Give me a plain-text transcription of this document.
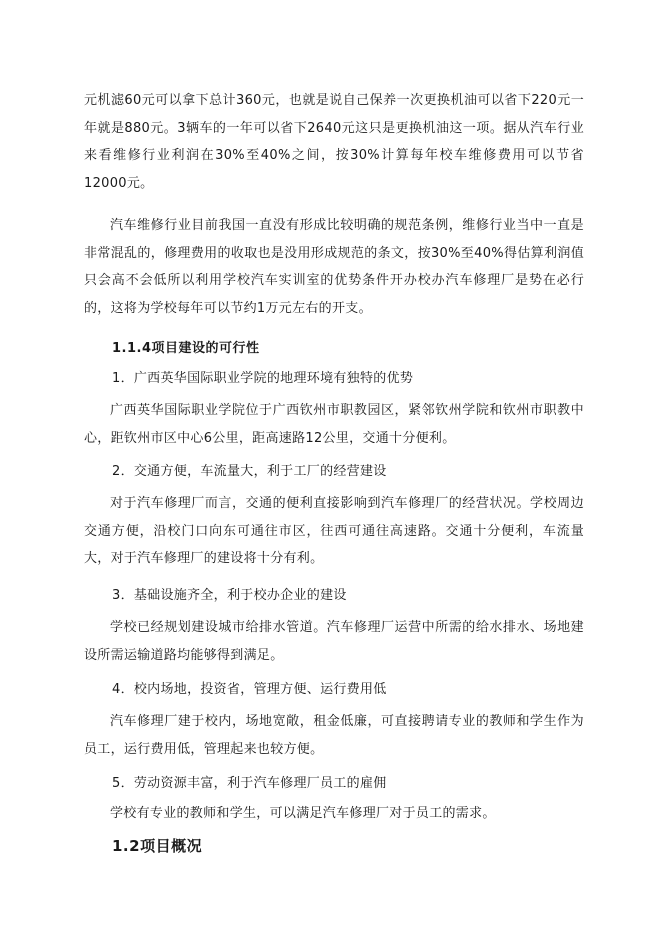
元机滤60元可以拿下总计360元，也就是说自己保养一次更换机油可以省下220元一年就是880元。3辆车的一年可以省下2640元这只是更换机油这一项。据从汽车行业来看维修行业利润在30%至40%之间，按30%计算每年校车维修费用可以节省12000元。

汽车维修行业目前我国一直没有形成比较明确的规范条例，维修行业当中一直是非常混乱的，修理费用的收取也是没用形成规范的条文，按30%至40%得估算利润值只会高不会低所以利用学校汽车实训室的优势条件开办校办汽车修理厂是势在必行的，这将为学校每年可以节约1万元左右的开支。

1.1.4项目建设的可行性
1．广西英华国际职业学院的地理环境有独特的优势

广西英华国际职业学院位于广西钦州市职教园区，紧邻钦州学院和钦州市职教中心，距钦州市区中心6公里，距高速路12公里，交通十分便利。

2．交通方便，车流量大，利于工厂的经营建设

对于汽车修理厂而言，交通的便利直接影响到汽车修理厂的经营状况。学校周边交通方便，沿校门口向东可通往市区，往西可通往高速路。交通十分便利，车流量大，对于汽车修理厂的建设将十分有利。

3．基础设施齐全，利于校办企业的建设

学校已经规划建设城市给排水管道。汽车修理厂运营中所需的给水排水、场地建设所需运输道路均能够得到满足。

4．校内场地，投资省，管理方便、运行费用低

汽车修理厂建于校内，场地宽敞，租金低廉，可直接聘请专业的教师和学生作为员工，运行费用低，管理起来也较方便。

5．劳动资源丰富，利于汽车修理厂员工的雇佣

学校有专业的教师和学生，可以满足汽车修理厂对于员工的需求。

1.2项目概况
